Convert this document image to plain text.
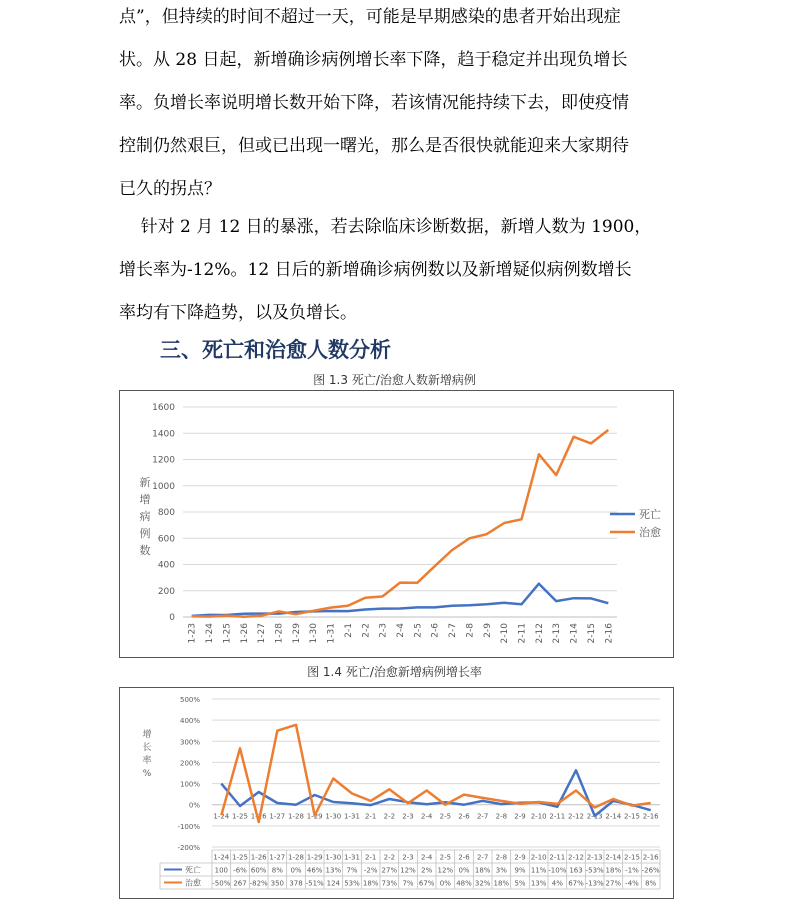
点”，但持续的时间不超过一天，可能是早期感染的患者开始出现症
状。从 28 日起，新增确诊病例增长率下降，趋于稳定并出现负增长
率。负增长率说明增长数开始下降，若该情况能持续下去，即使疫情
控制仍然艰巨，但或已出现一曙光，那么是否很快就能迎来大家期待
已久的拐点？
针对 2 月 12 日的暴涨，若去除临床诊断数据，新增人数为 1900，
增长率为-12%。12 日后的新增确诊病例数以及新增疑似病例数增长
率均有下降趋势，以及负增长。
三、死亡和治愈人数分析
图 1.3 死亡/治愈人数新增病例
0
200
400
600
800
1000
1200
1400
1600
1-23 1-24 1-25 1-26 1-27 1-28 1-29 1-30 1-31 2-1 2-2 2-3 2-4 2-5 2-6 2-7 2-8 2-9 2-10 2-11 2-12 2-13 2-14 2-15 2-16
新
增
病
例
数
死亡
治愈
图 1.4 死亡/治愈新增病例增长率
500%
400%
300%
200%
100%
0%
-100%
-200%
1-24 1-25 1-26 1-27 1-28 1-29 1-30 1-31 2-1 2-2 2-3 2-4 2-5 2-6 2-7 2-8 2-9 2-10 2-11 2-12 2-13 2-14 2-15 2-16
增
长
率
%
1-24 1-25 1-26 1-27 1-28 1-29 1-30 1-31 2-1 2-2 2-3 2-4 2-5 2-6 2-7 2-8 2-9 2-10 2-11 2-12 2-13 2-14 2-15 2-16
死亡 100 -6% 60% 8% 0% 46% 13% 7% -2% 27% 12% 2% 12% 0% 18% 3% 9% 11% -10% 163 -53% 18% -1% -26%
治愈 -50% 267 -82% 350 378 -51% 124 53% 18% 73% 7% 67% 0% 48% 32% 18% 5% 13% 4% 67% -13% 27% -4% 8%
